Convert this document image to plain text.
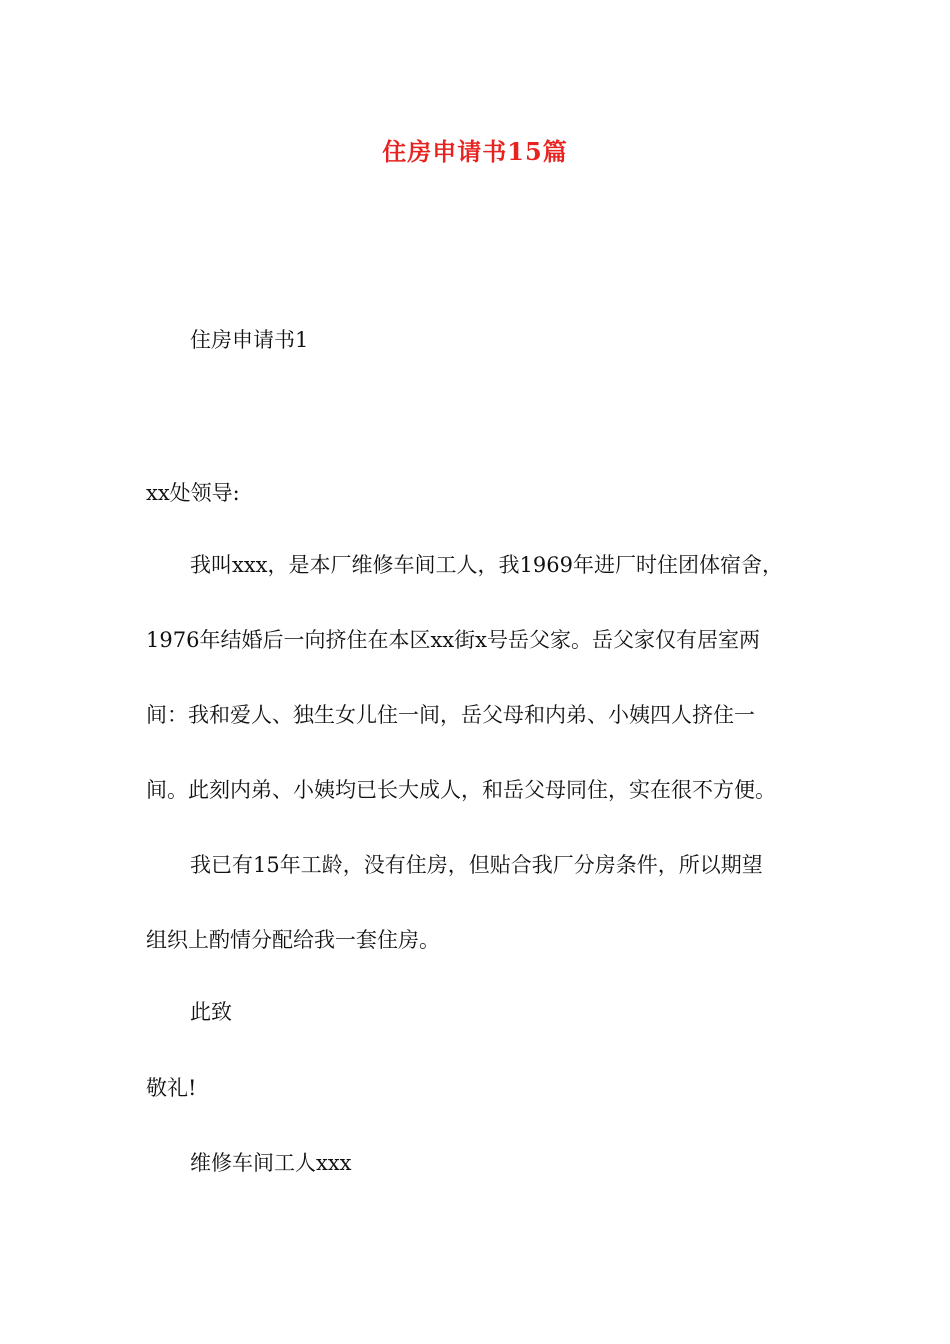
住房申请书15篇
住房申请书1
xx处领导:
我叫xxx，是本厂维修车间工人，我1969年进厂时住团体宿舍，
1976年结婚后一向挤住在本区xx街x号岳父家。岳父家仅有居室两
间：我和爱人、独生女儿住一间，岳父母和内弟、小姨四人挤住一
间。此刻内弟、小姨均已长大成人，和岳父母同住，实在很不方便。
我已有15年工龄，没有住房，但贴合我厂分房条件，所以期望
组织上酌情分配给我一套住房。
此致
敬礼!
维修车间工人xxx
